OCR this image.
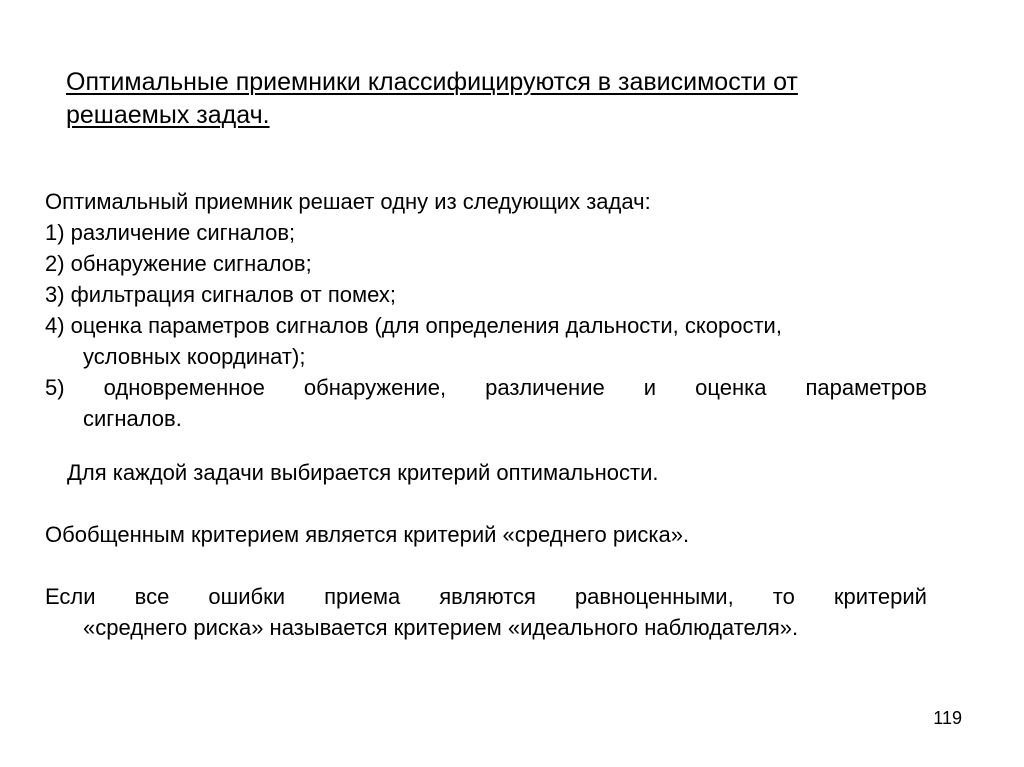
Оптимальные приемники классифицируются в зависимости от
решаемых задач.
Оптимальный приемник решает одну из следующих задач:
1) различение сигналов;
2) обнаружение сигналов;
3) фильтрация сигналов от помех;
4) оценка параметров сигналов (для определения дальности, скорости,
условных координат);
5) одновременное обнаружение, различение и оценка параметров
сигналов.
Для каждой задачи выбирается критерий оптимальности.
Обобщенным критерием является критерий «среднего риска».
Если все ошибки приема являются равноценными, то критерий
«среднего риска» называется критерием «идеального наблюдателя».
119
